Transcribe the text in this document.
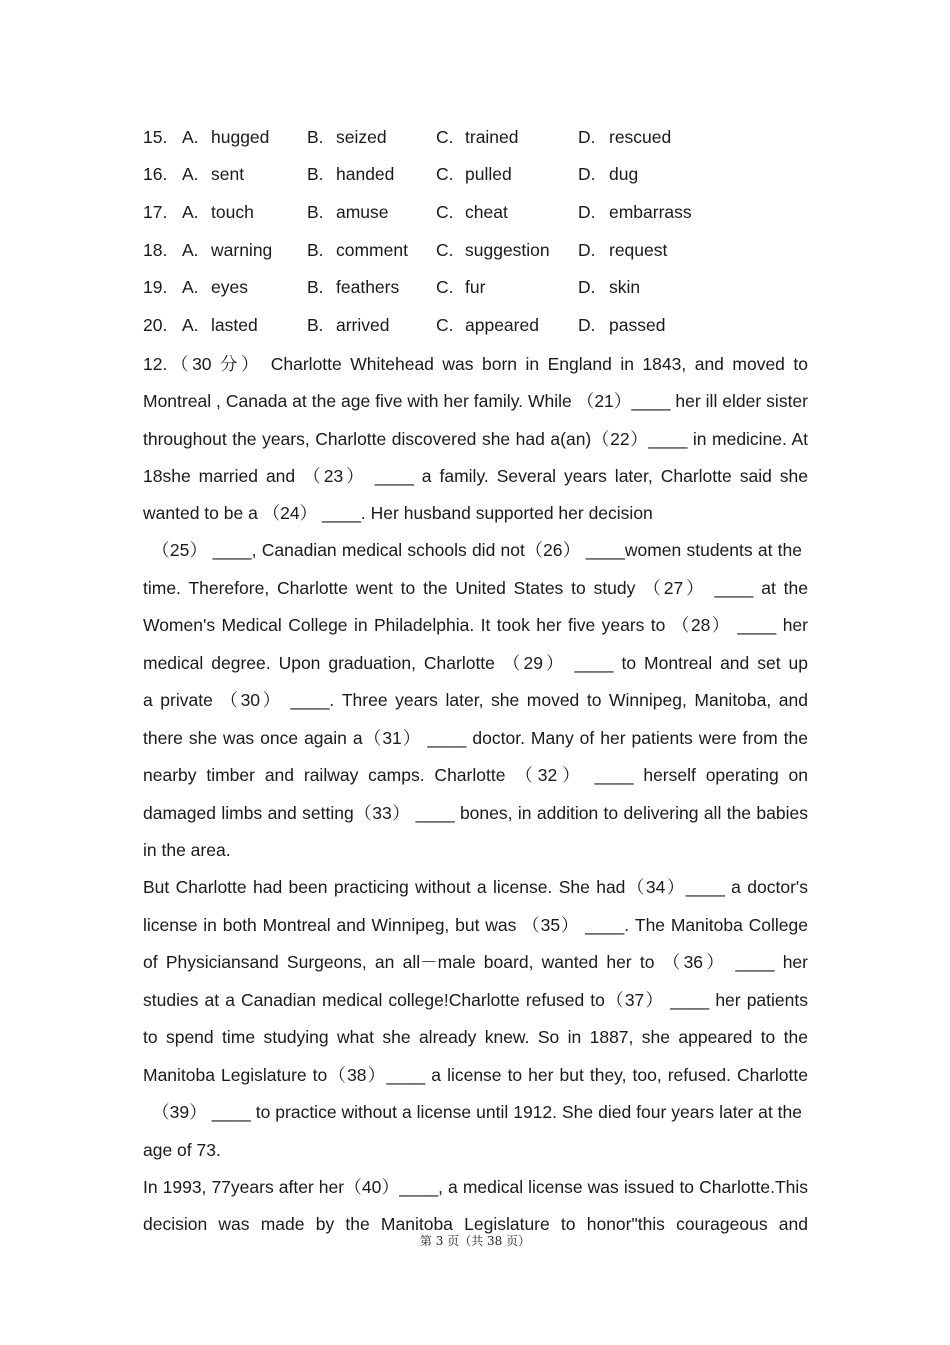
15. A. hugged B. seized	C. trained	D. rescued
16. A. sent	B. handed C. pulled	D. dug
17. A. touch	B. amuse	C. cheat	D. embarrass
18. A. warning B. comment C. suggestion D. request
19. A. eyes	B. feathers C. fur	D. skin
20. A. lasted	B. arrived	C. appeared D. passed
12.（30 分） Charlotte Whitehead was born in England in 1843, and moved to
Montreal , Canada at the age five with her family. While （21）____ her ill elder sister
throughout the years, Charlotte discovered she had a(an)（22）____ in medicine. At
18she married and （23） ____ a family. Several years later, Charlotte said she
wanted to be a （24） ____. Her husband supported her decision
（25） ____, Canadian medical schools did not（26） ____women students at the
time. Therefore, Charlotte went to the United States to study （27） ____ at the
Women's Medical College in Philadelphia. It took her five years to （28） ____ her
medical degree. Upon graduation, Charlotte （29） ____ to Montreal and set up
a private （30） ____. Three years later, she moved to Winnipeg, Manitoba, and
there she was once again a（31） ____ doctor. Many of her patients were from the
nearby timber and railway camps. Charlotte （32） ____ herself operating on
damaged limbs and setting（33） ____ bones, in addition to delivering all the babies
in the area.
But Charlotte had been practicing without a license. She had（34）____ a doctor's
license in both Montreal and Winnipeg, but was （35） ____. The Manitoba College
of Physiciansand Surgeons, an all－male board, wanted her to （36） ____ her
studies at a Canadian medical college!Charlotte refused to（37） ____ her patients
to spend time studying what she already knew. So in 1887, she appeared to the
Manitoba Legislature to（38）____ a license to her but they, too, refused. Charlotte
（39） ____ to practice without a license until 1912. She died four years later at the
age of 73.
In 1993, 77years after her（40）____, a medical license was issued to Charlotte.This
decision was made by the Manitoba Legislature to honor"this courageous and
第 3 页（共 38 页）
